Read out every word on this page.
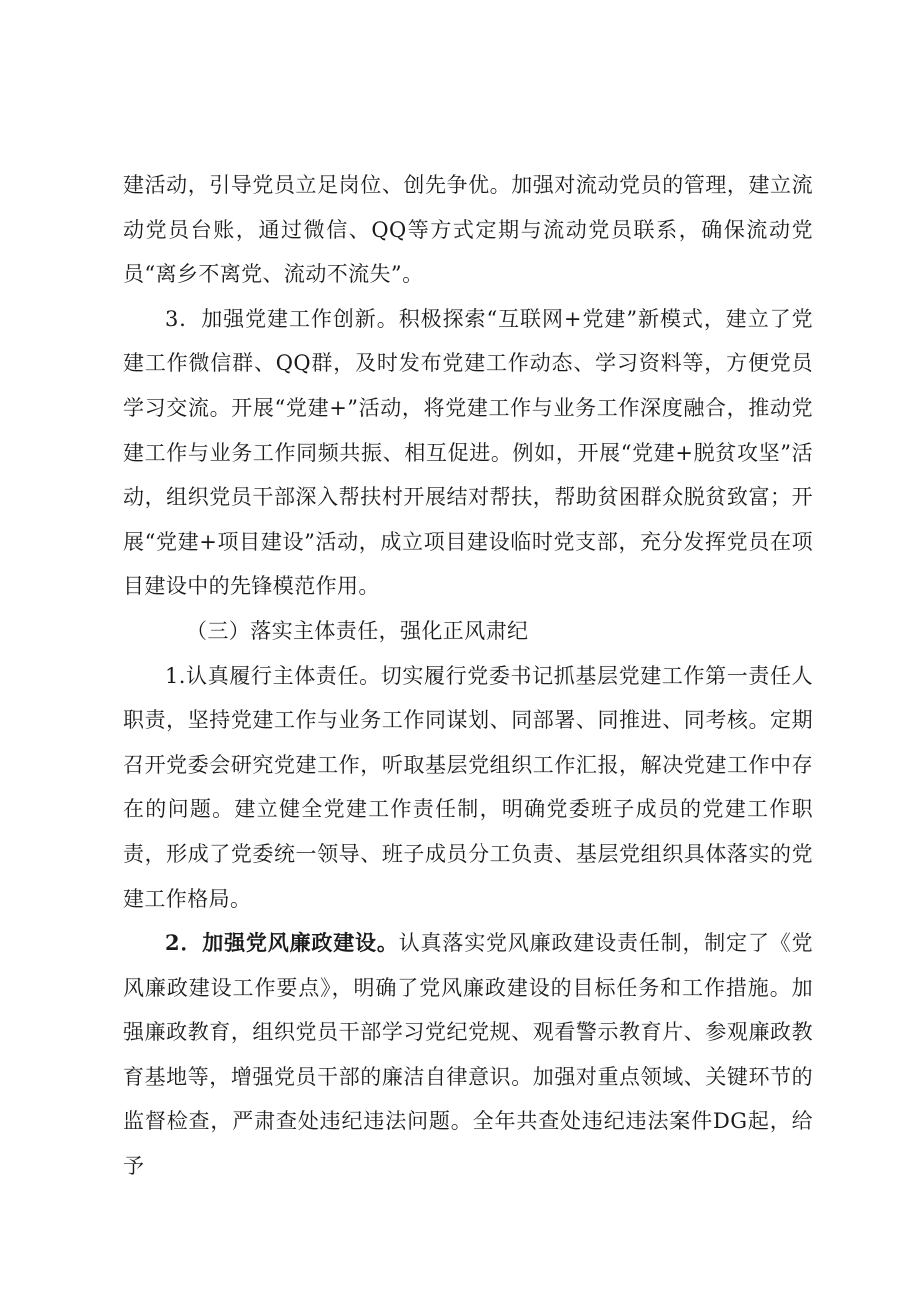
建活动，引导党员立足岗位、创先争优。加强对流动党员的管理，建立流动党员台账，通过微信、QQ等方式定期与流动党员联系，确保流动党员“离乡不离党、流动不流失”。

3．加强党建工作创新。积极探索“互联网+党建”新模式，建立了党建工作微信群、QQ群，及时发布党建工作动态、学习资料等，方便党员学习交流。开展“党建+”活动，将党建工作与业务工作深度融合，推动党建工作与业务工作同频共振、相互促进。例如，开展“党建+脱贫攻坚”活动，组织党员干部深入帮扶村开展结对帮扶，帮助贫困群众脱贫致富；开展“党建+项目建设”活动，成立项目建设临时党支部，充分发挥党员在项目建设中的先锋模范作用。

（三）落实主体责任，强化正风肃纪

1.认真履行主体责任。切实履行党委书记抓基层党建工作第一责任人职责，坚持党建工作与业务工作同谋划、同部署、同推进、同考核。定期召开党委会研究党建工作，听取基层党组织工作汇报，解决党建工作中存在的问题。建立健全党建工作责任制，明确党委班子成员的党建工作职责，形成了党委统一领导、班子成员分工负责、基层党组织具体落实的党建工作格局。

2．加强党风廉政建设。认真落实党风廉政建设责任制，制定了《党风廉政建设工作要点》，明确了党风廉政建设的目标任务和工作措施。加强廉政教育，组织党员干部学习党纪党规、观看警示教育片、参观廉政教育基地等，增强党员干部的廉洁自律意识。加强对重点领域、关键环节的监督检查，严肃查处违纪违法问题。全年共查处违纪违法案件DG起，给予
